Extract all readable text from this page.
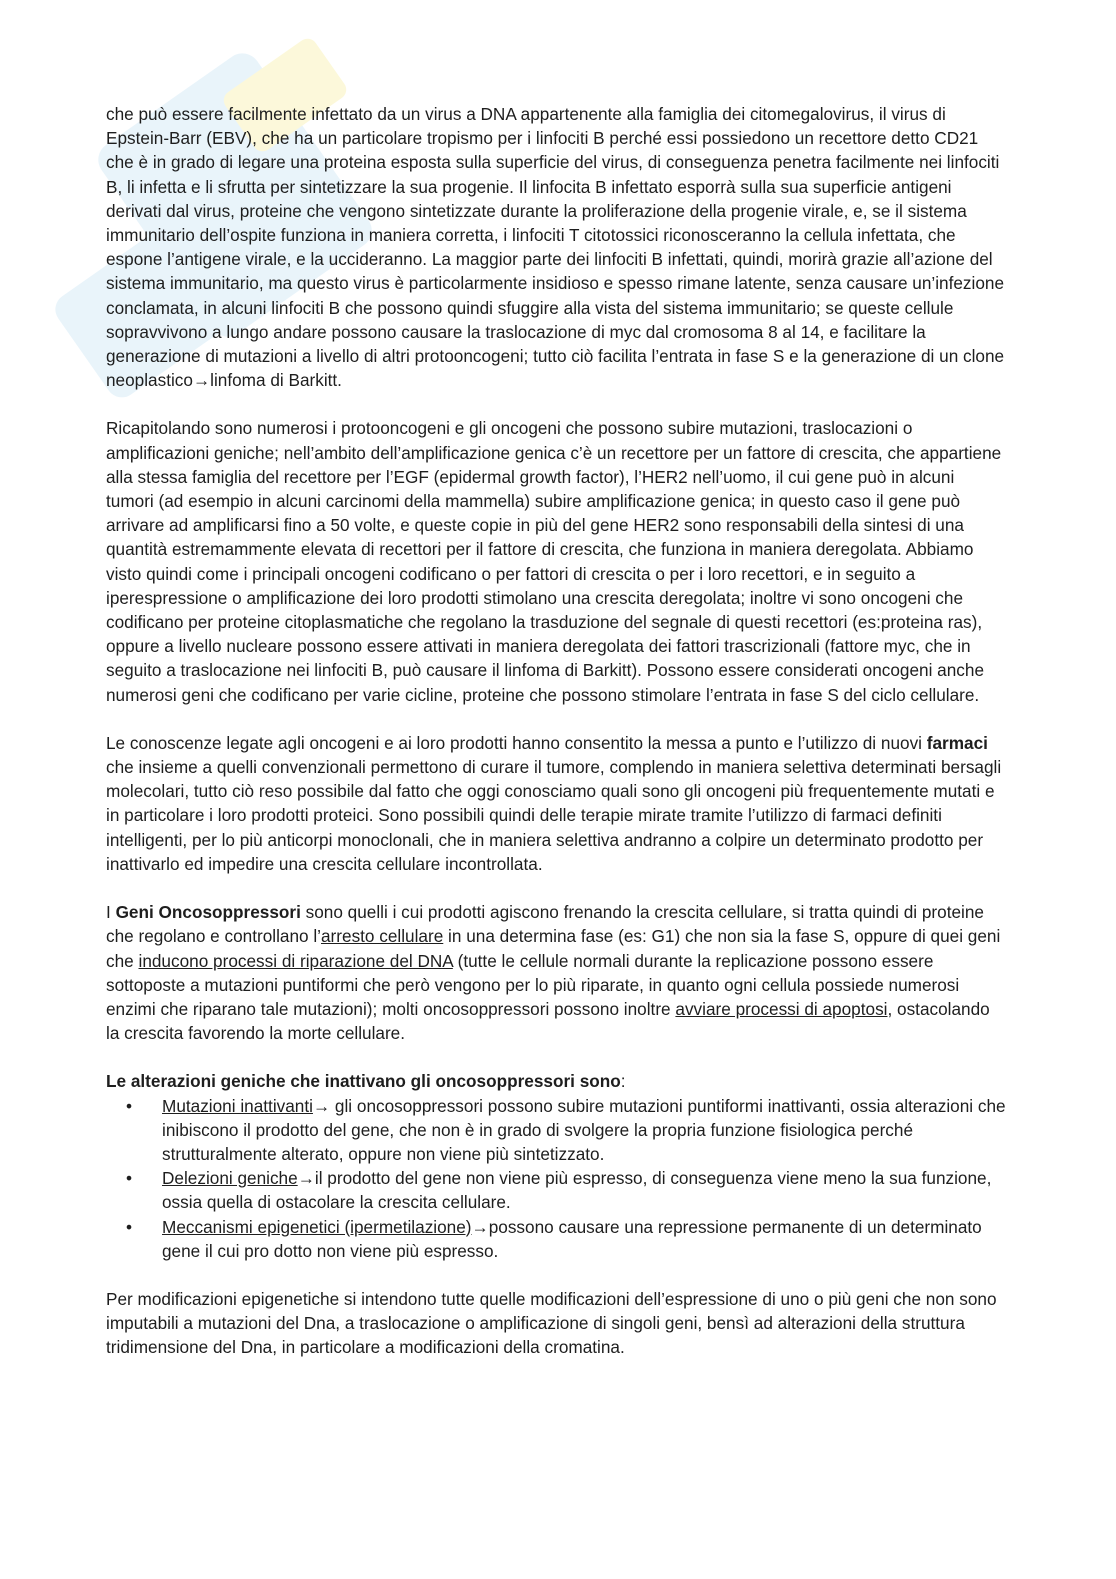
che può essere facilmente infettato da un virus a DNA appartenente alla famiglia dei citomegalovirus, il virus di Epstein-Barr (EBV), che ha un particolare tropismo per i linfociti B perché essi possiedono un recettore detto CD21 che è in grado di legare una proteina esposta sulla superficie del virus, di conseguenza penetra facilmente nei linfociti B, li infetta e li sfrutta per sintetizzare la sua progenie. Il linfocita B infettato esporrà sulla sua superficie antigeni derivati dal virus, proteine che vengono sintetizzate durante la proliferazione della progenie virale, e, se il sistema immunitario dell’ospite funziona in maniera corretta, i linfociti T citotossici riconosceranno la cellula infettata, che espone l’antigene virale, e la uccideranno. La maggior parte dei linfociti B infettati, quindi, morirà grazie all’azione del sistema immunitario, ma questo virus è particolarmente insidioso e spesso rimane latente, senza causare un’infezione conclamata, in alcuni linfociti B che possono quindi sfuggire alla vista del sistema immunitario; se queste cellule sopravvivono a lungo andare possono causare la traslocazione di myc dal cromosoma 8 al 14, e facilitare la generazione di mutazioni a livello di altri protooncogeni; tutto ciò facilita l’entrata in fase S e la generazione di un clone neoplastico→linfoma di Barkitt.

Ricapitolando sono numerosi i protooncogeni e gli oncogeni che possono subire mutazioni, traslocazioni o amplificazioni geniche; nell’ambito dell’amplificazione genica c’è un recettore per un fattore di crescita, che appartiene alla stessa famiglia del recettore per l’EGF (epidermal growth factor), l’HER2 nell’uomo, il cui gene può in alcuni tumori (ad esempio in alcuni carcinomi della mammella) subire amplificazione genica; in questo caso il gene può arrivare ad amplificarsi fino a 50 volte, e queste copie in più del gene HER2 sono responsabili della sintesi di una quantità estremammente elevata di recettori per il fattore di crescita, che funziona in maniera deregolata. Abbiamo visto quindi come i principali oncogeni codificano o per fattori di crescita o per i loro recettori, e in seguito a iperespressione o amplificazione dei loro prodotti stimolano una crescita deregolata; inoltre vi sono oncogeni che codificano per proteine citoplasmatiche che regolano la trasduzione del segnale di questi recettori (es:proteina ras), oppure a livello nucleare possono essere attivati in maniera deregolata dei fattori trascrizionali (fattore myc, che in seguito a traslocazione nei linfociti B, può causare il linfoma di Barkitt). Possono essere considerati oncogeni anche numerosi geni che codificano per varie cicline, proteine che possono stimolare l’entrata in fase S del ciclo cellulare.

Le conoscenze legate agli oncogeni e ai loro prodotti hanno consentito la messa a punto e l’utilizzo di nuovi farmaci che insieme a quelli convenzionali permettono di curare il tumore, complendo in maniera selettiva determinati bersagli molecolari, tutto ciò reso possibile dal fatto che oggi conosciamo quali sono gli oncogeni più frequentemente mutati e in particolare i loro prodotti proteici. Sono possibili quindi delle terapie mirate tramite l’utilizzo di farmaci definiti intelligenti, per lo più anticorpi monoclonali, che in maniera selettiva andranno a colpire un determinato prodotto per inattivarlo ed impedire una crescita cellulare incontrollata.

I Geni Oncosoppressori sono quelli i cui prodotti agiscono frenando la crescita cellulare, si tratta quindi di proteine che regolano e controllano l’arresto cellulare in una determina fase (es: G1) che non sia la fase S, oppure di quei geni che inducono processi di riparazione del DNA (tutte le cellule normali durante la replicazione possono essere sottoposte a mutazioni puntiformi che però vengono per lo più riparate, in quanto ogni cellula possiede numerosi enzimi che riparano tale mutazioni); molti oncosoppressori possono inoltre avviare processi di apoptosi, ostacolando la crescita favorendo la morte cellulare.

Le alterazioni geniche che inattivano gli oncosoppressori sono:

• Mutazioni inattivanti→ gli oncosoppressori possono subire mutazioni puntiformi inattivanti, ossia alterazioni che inibiscono il prodotto del gene, che non è in grado di svolgere la propria funzione fisiologica perché strutturalmente alterato, oppure non viene più sintetizzato.
• Delezioni geniche→il prodotto del gene non viene più espresso, di conseguenza viene meno la sua funzione, ossia quella di ostacolare la crescita cellulare.
• Meccanismi epigenetici (ipermetilazione)→possono causare una repressione permanente di un determinato gene il cui pro dotto non viene più espresso.

Per modificazioni epigenetiche si intendono tutte quelle modificazioni dell’espressione di uno o più geni che non sono imputabili a mutazioni del Dna, a traslocazione o amplificazione di singoli geni, bensì ad alterazioni della struttura tridimensione del Dna, in particolare a modificazioni della cromatina.
